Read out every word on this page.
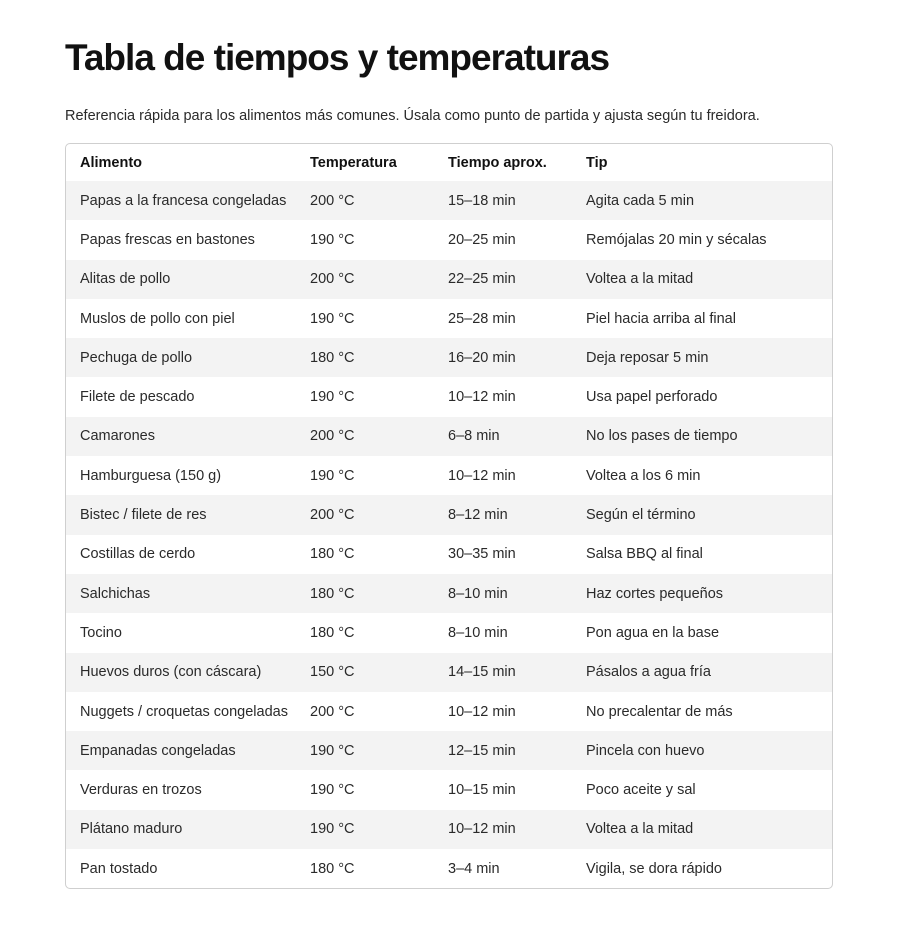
Tabla de tiempos y temperaturas

Referencia rápida para los alimentos más comunes. Úsala como punto de partida y ajusta según tu freidora.

Alimento	Temperatura	Tiempo aprox.	Tip
Papas a la francesa congeladas	200 °C	15–18 min	Agita cada 5 min
Papas frescas en bastones	190 °C	20–25 min	Remójalas 20 min y sécalas
Alitas de pollo	200 °C	22–25 min	Voltea a la mitad
Muslos de pollo con piel	190 °C	25–28 min	Piel hacia arriba al final
Pechuga de pollo	180 °C	16–20 min	Deja reposar 5 min
Filete de pescado	190 °C	10–12 min	Usa papel perforado
Camarones	200 °C	6–8 min	No los pases de tiempo
Hamburguesa (150 g)	190 °C	10–12 min	Voltea a los 6 min
Bistec / filete de res	200 °C	8–12 min	Según el término
Costillas de cerdo	180 °C	30–35 min	Salsa BBQ al final
Salchichas	180 °C	8–10 min	Haz cortes pequeños
Tocino	180 °C	8–10 min	Pon agua en la base
Huevos duros (con cáscara)	150 °C	14–15 min	Pásalos a agua fría
Nuggets / croquetas congeladas	200 °C	10–12 min	No precalentar de más
Empanadas congeladas	190 °C	12–15 min	Pincela con huevo
Verduras en trozos	190 °C	10–15 min	Poco aceite y sal
Plátano maduro	190 °C	10–12 min	Voltea a la mitad
Pan tostado	180 °C	3–4 min	Vigila, se dora rápido
